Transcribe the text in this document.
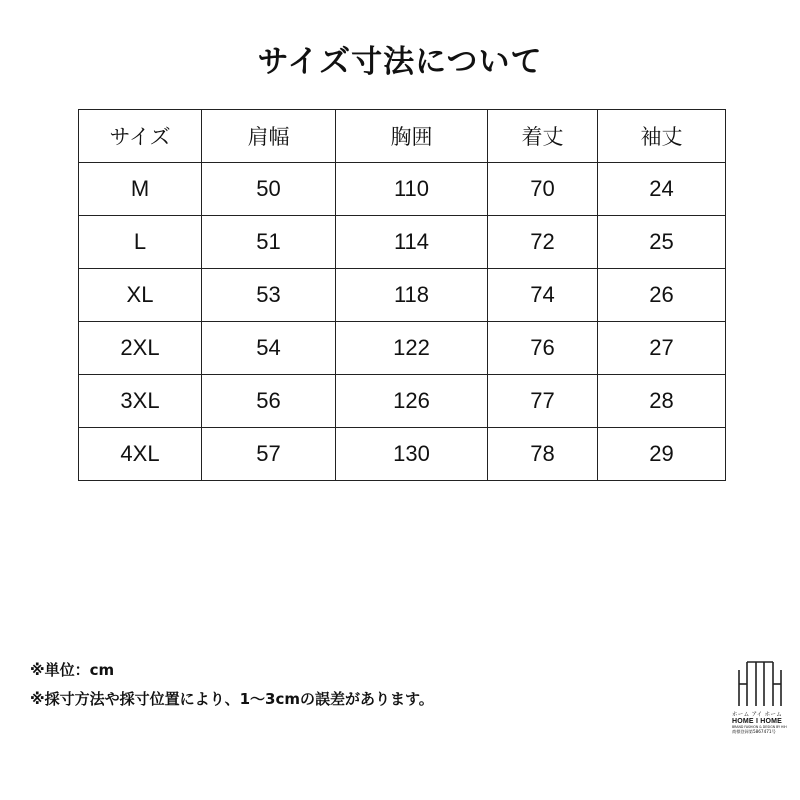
サイズ寸法について
サイズ	肩幅	胸囲	着丈	袖丈
M	50	110	70	24
L	51	114	72	25
XL	53	118	74	26
2XL	54	122	76	27
3XL	56	126	77	28
4XL	57	130	78	29
※単位：cm
※採寸方法や採寸位置により、1～3cmの誤差があります。
ホーム アイ ホーム
HOME I HOME
BRAND FASHION & DESIGN BY HIH
商標登録第5867471号
